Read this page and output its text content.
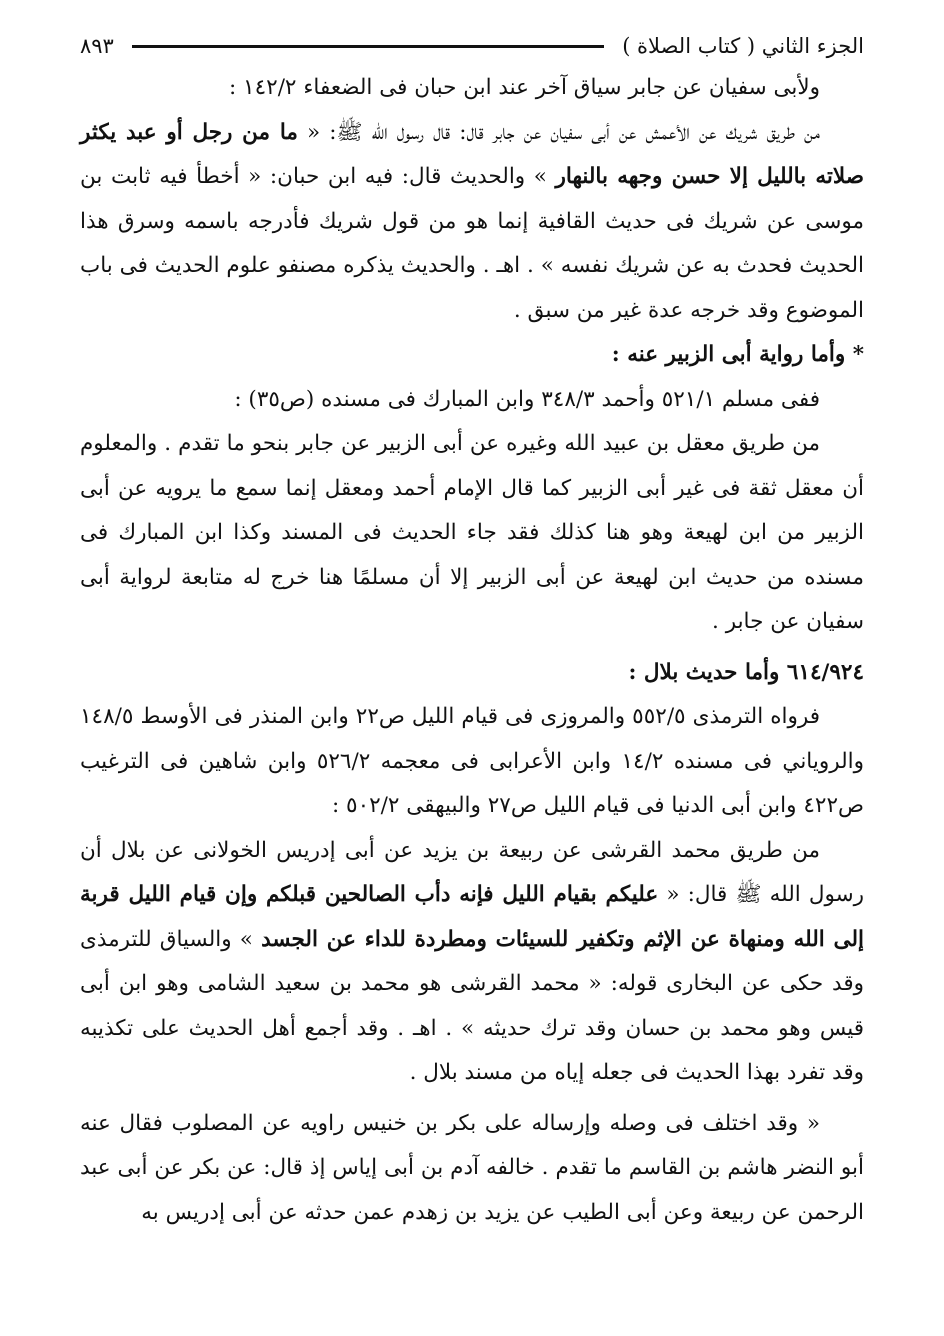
الجزء الثاني ( كتاب الصلاة )
٨٩٣

ولأبى سفيان عن جابر سياق آخر عند ابن حبان فى الضعفاء ١٤٢/٢ :

من طريق شريك عن الأعمش عن أبى سفيان عن جابر قال: قال رسول الله ﷺ: « ما من رجل أو عبد يكثر صلاته بالليل إلا حسن وجهه بالنهار » والحديث قال: فيه ابن حبان: « أخطأ فيه ثابت بن موسى عن شريك فى حديث القافية إنما هو من قول شريك فأدرجه باسمه وسرق هذا الحديث فحدث به عن شريك نفسه » . اهـ . والحديث يذكره مصنفو علوم الحديث فى باب الموضوع وقد خرجه عدة غير من سبق .

* وأما رواية أبى الزبير عنه :

ففى مسلم ٥٢١/١ وأحمد ٣٤٨/٣ وابن المبارك فى مسنده (ص٣٥) :

من طريق معقل بن عبيد الله وغيره عن أبى الزبير عن جابر بنحو ما تقدم . والمعلوم أن معقل ثقة فى غير أبى الزبير كما قال الإمام أحمد ومعقل إنما سمع ما يرويه عن أبى الزبير من ابن لهيعة وهو هنا كذلك فقد جاء الحديث فى المسند وكذا ابن المبارك فى مسنده من حديث ابن لهيعة عن أبى الزبير إلا أن مسلمًا هنا خرج له متابعة لرواية أبى سفيان عن جابر .

٦١٤/٩٢٤ وأما حديث بلال :

فرواه الترمذى ٥٥٢/٥ والمروزى فى قيام الليل ص٢٢ وابن المنذر فى الأوسط ١٤٨/٥ والروياني فى مسنده ١٤/٢ وابن الأعرابى فى معجمه ٥٢٦/٢ وابن شاهين فى الترغيب ص٤٢٢ وابن أبى الدنيا فى قيام الليل ص٢٧ والبيهقى ٥٠٢/٢ :

من طريق محمد القرشى عن ربيعة بن يزيد عن أبى إدريس الخولانى عن بلال أن رسول الله ﷺ قال: « عليكم بقيام الليل فإنه دأب الصالحين قبلكم وإن قيام الليل قربة إلى الله ومنهاة عن الإثم وتكفير للسيئات ومطردة للداء عن الجسد » والسياق للترمذى وقد حكى عن البخارى قوله: « محمد القرشى هو محمد بن سعيد الشامى وهو ابن أبى قيس وهو محمد بن حسان وقد ترك حديثه » . اهـ . وقد أجمع أهل الحديث على تكذيبه وقد تفرد بهذا الحديث فى جعله إياه من مسند بلال .

« وقد اختلف فى وصله وإرساله على بكر بن خنيس راويه عن المصلوب فقال عنه أبو النضر هاشم بن القاسم ما تقدم . خالفه آدم بن أبى إياس إذ قال: عن بكر عن أبى عبد الرحمن عن ربيعة وعن أبى الطيب عن يزيد بن زهدم عمن حدثه عن أبى إدريس به
